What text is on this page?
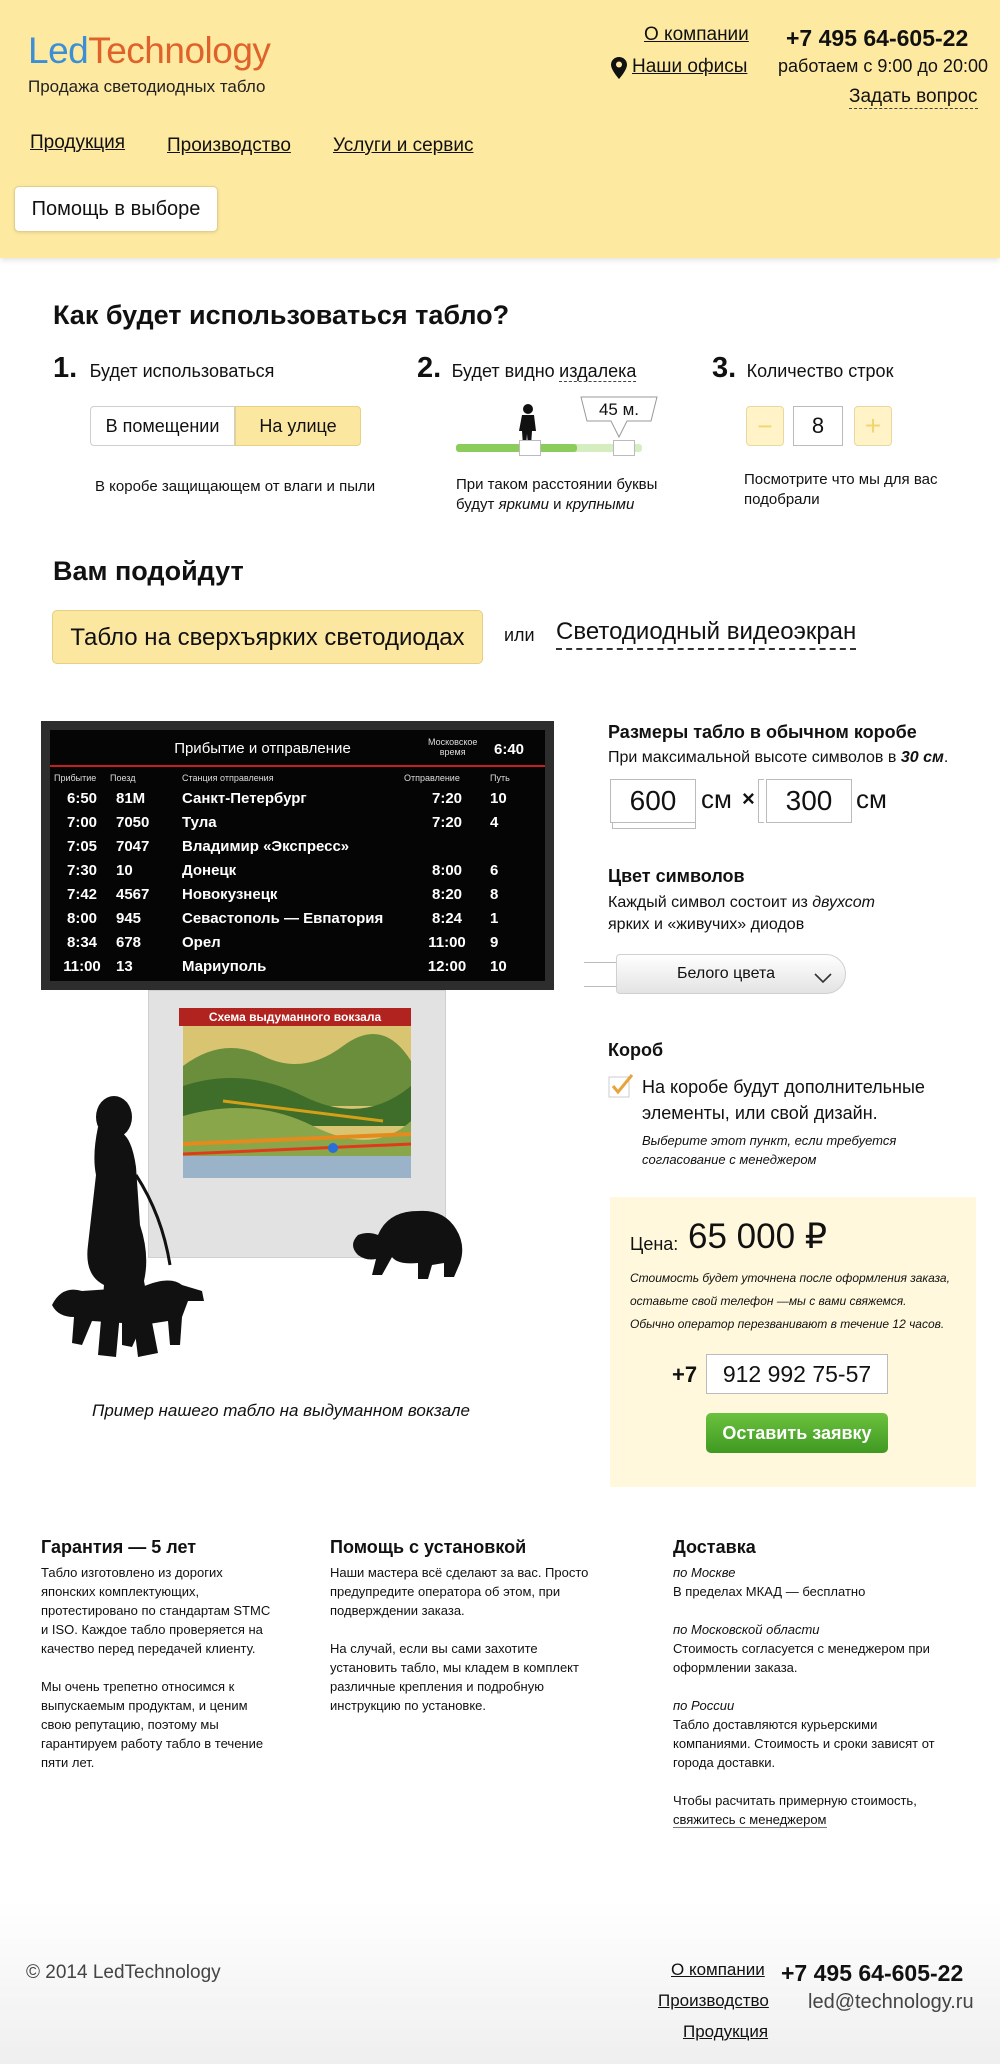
LedTechnology
Продажа светодиодных табло
О компании
Наши офисы
+7 495 64-605-22
работаем с 9:00 до 20:00
Задать вопрос
Продукция Производство Услуги и сервис
Помощь в выборе
Как будет использоваться табло?
1. Будет использоваться
В помещении	На улице
В коробе защищающем от влаги и пыли
2. Будет видно издалека
45 м.
При таком расстоянии буквы
будут яркими и крупными
3. Количество строк
−	8	+
Посмотрите что мы для вас
подобрали
Вам подойдут
Табло на сверхъярких светодиодах	или Светодиодный видеоэкран
Прибытие и отправление	Московское
время	6:40
Прибытие	Поезд	Станция отправления	Отправление	Путь
6:50	81М	Санкт-Петербург	7:20	10
7:00	7050	Тула	7:20	4
7:05	7047	Владимир «Экспресс»		
7:30	10	Донецк	8:00	6
7:42	4567	Новокузнецк	8:20	8
8:00	945	Севастополь — Евпатория	8:24	1
8:34	678	Орел	11:00	9
11:00	13	Мариуполь	12:00	10
Схема выдуманного вокзала
Пример нашего табло на выдуманном вокзале
Размеры табло в обычном коробе
При максимальной высоте символов в 30 см.
600 см ×	300 см
Цвет символов
Каждый символ состоит из двухсот
ярких и «живучих» диодов
Белого цвета
Короб
На коробе будут дополнительные
элементы, или свой дизайн.
Выберите этот пункт, если требуется
согласование с менеджером
Цена: 65 000 ₽
Стоимость будет уточнена после оформления заказа,
оставьте свой телефон —мы с вами свяжемся.
Обычно оператор перезванивают в течение 12 часов.
+7	912 992 75-57
Оставить заявку
Гарантия — 5 лет
Табло изготовлено из дорогих
японских комплектующих,
протестировано по стандартам STMC
и ISO. Каждое табло проверяется на
качество перед передачей клиенту.
Мы очень трепетно относимся к
выпускаемым продуктам, и ценим
свою репутацию, поэтому мы
гарантируем работу табло в течение
пяти лет.
Помощь с установкой
Наши мастера всё сделают за вас. Просто
предупредите оператора об этом, при
подверждении заказа.
На случай, если вы сами захотите
установить табло, мы кладем в комплект
различные крепления и подробную
инструкцию по установке.
Доставка
по Москве
В пределах МКАД — бесплатно

по Московской области
Стоимость согласуется с менеджером при
оформлении заказа.

по России
Табло доставляются курьерскими
компаниями. Стоимость и сроки зависят от
города доставки.

Чтобы расчитать примерную стоимость,
свяжитесь с менеджером
© 2014 LedTechnology	О компании
Производство
Продукция
+7 495 64-605-22
led@technology.ru
